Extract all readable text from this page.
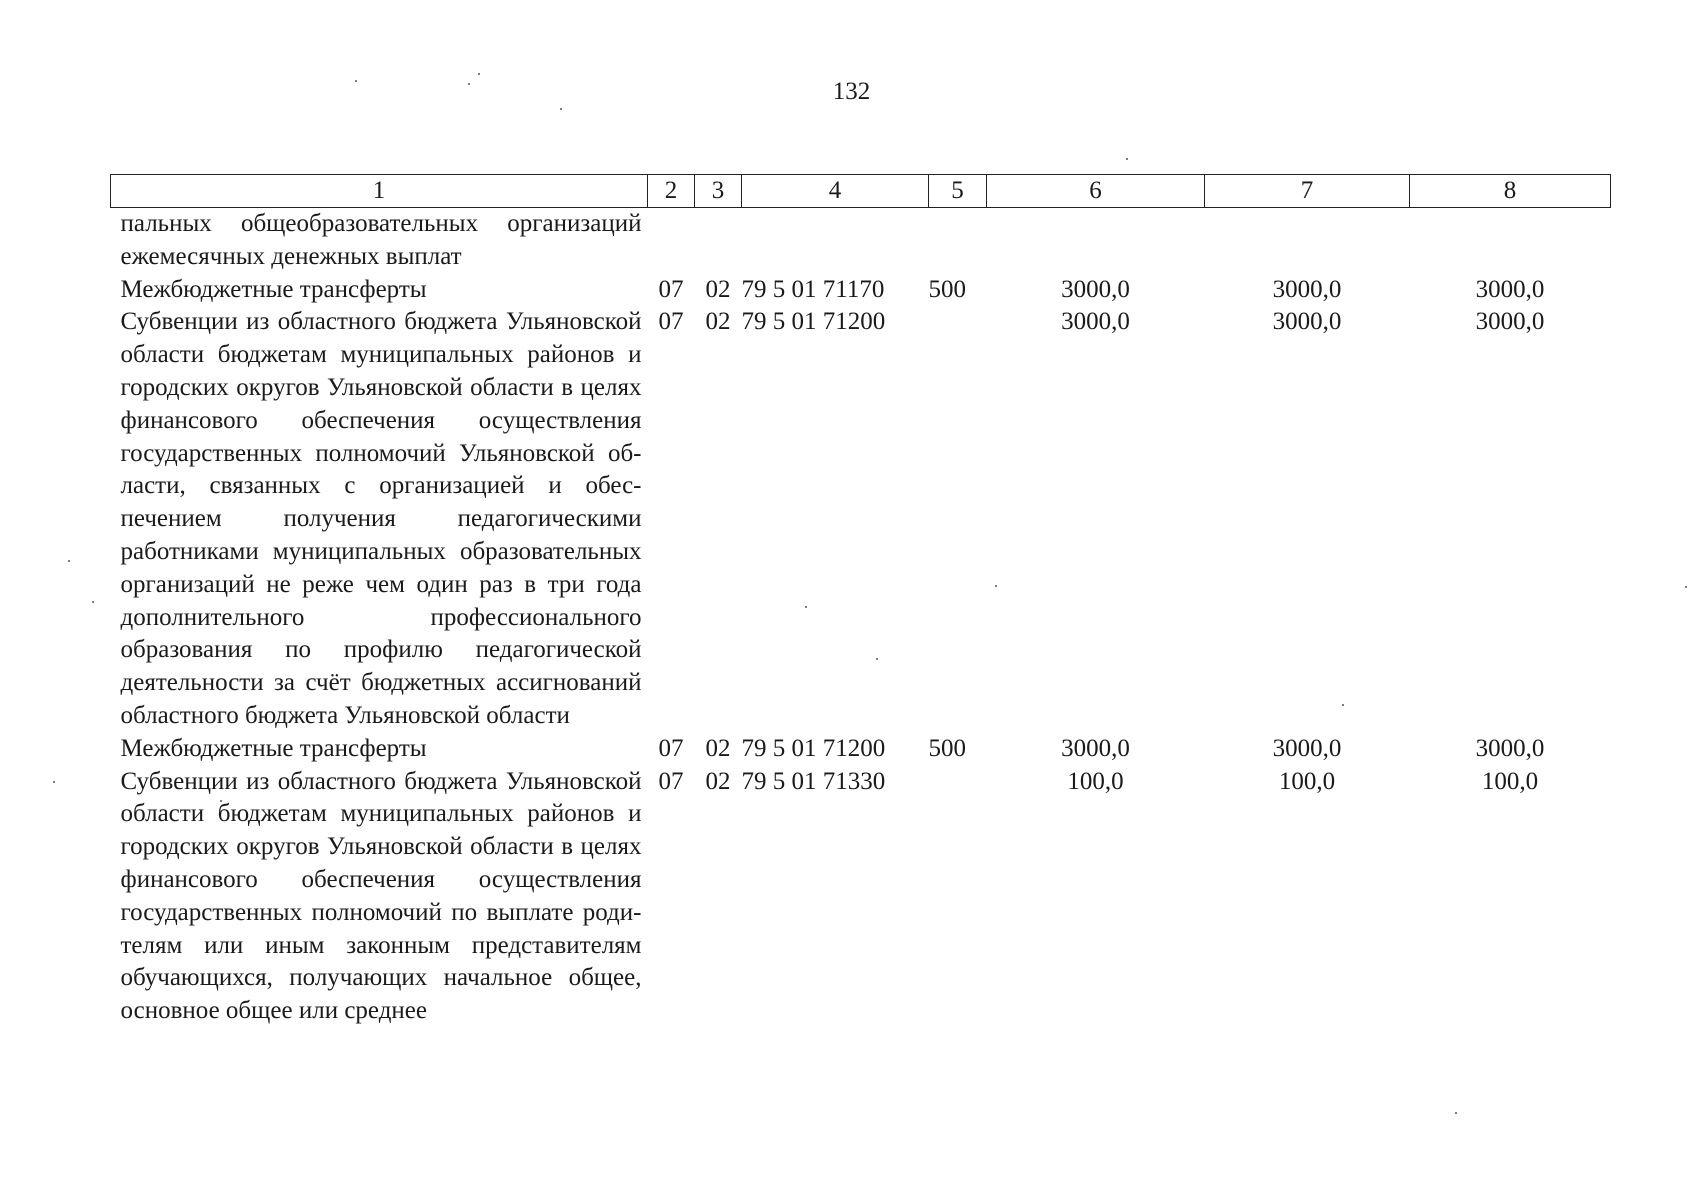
132
1	2	3	4	5	6	7	8
пальных общеобразовательных организаций ежемесячных денежных выплат							
Межбюджетные трансферты	07	02	79 5 01 71170	500	3000,0	3000,0	3000,0
Субвенции из областного бюджета Ульяновской области бюджетам муниципальных районов и городских округов Ульяновской области в целях финансового обеспечения осуществления государственных полномочий Ульяновской области, связанных с организацией и обеспечением получения педагогическими работниками муниципальных образовательных организаций не реже чем один раз в три года дополнительного профессионального образования по профилю педагогической деятельности за счёт бюджетных ассигнований областного бюджета Ульяновской области	07	02	79 5 01 71200		3000,0	3000,0	3000,0
Межбюджетные трансферты	07	02	79 5 01 71200	500	3000,0	3000,0	3000,0
Субвенции из областного бюджета Ульяновской области бюджетам муниципальных районов и городских округов Ульяновской области в целях финансового обеспечения осуществления государственных полномочий по выплате родителям или иным законным представителям обучающихся, получающих начальное общее, основное общее или среднее	07	02	79 5 01 71330		100,0	100,0	100,0
